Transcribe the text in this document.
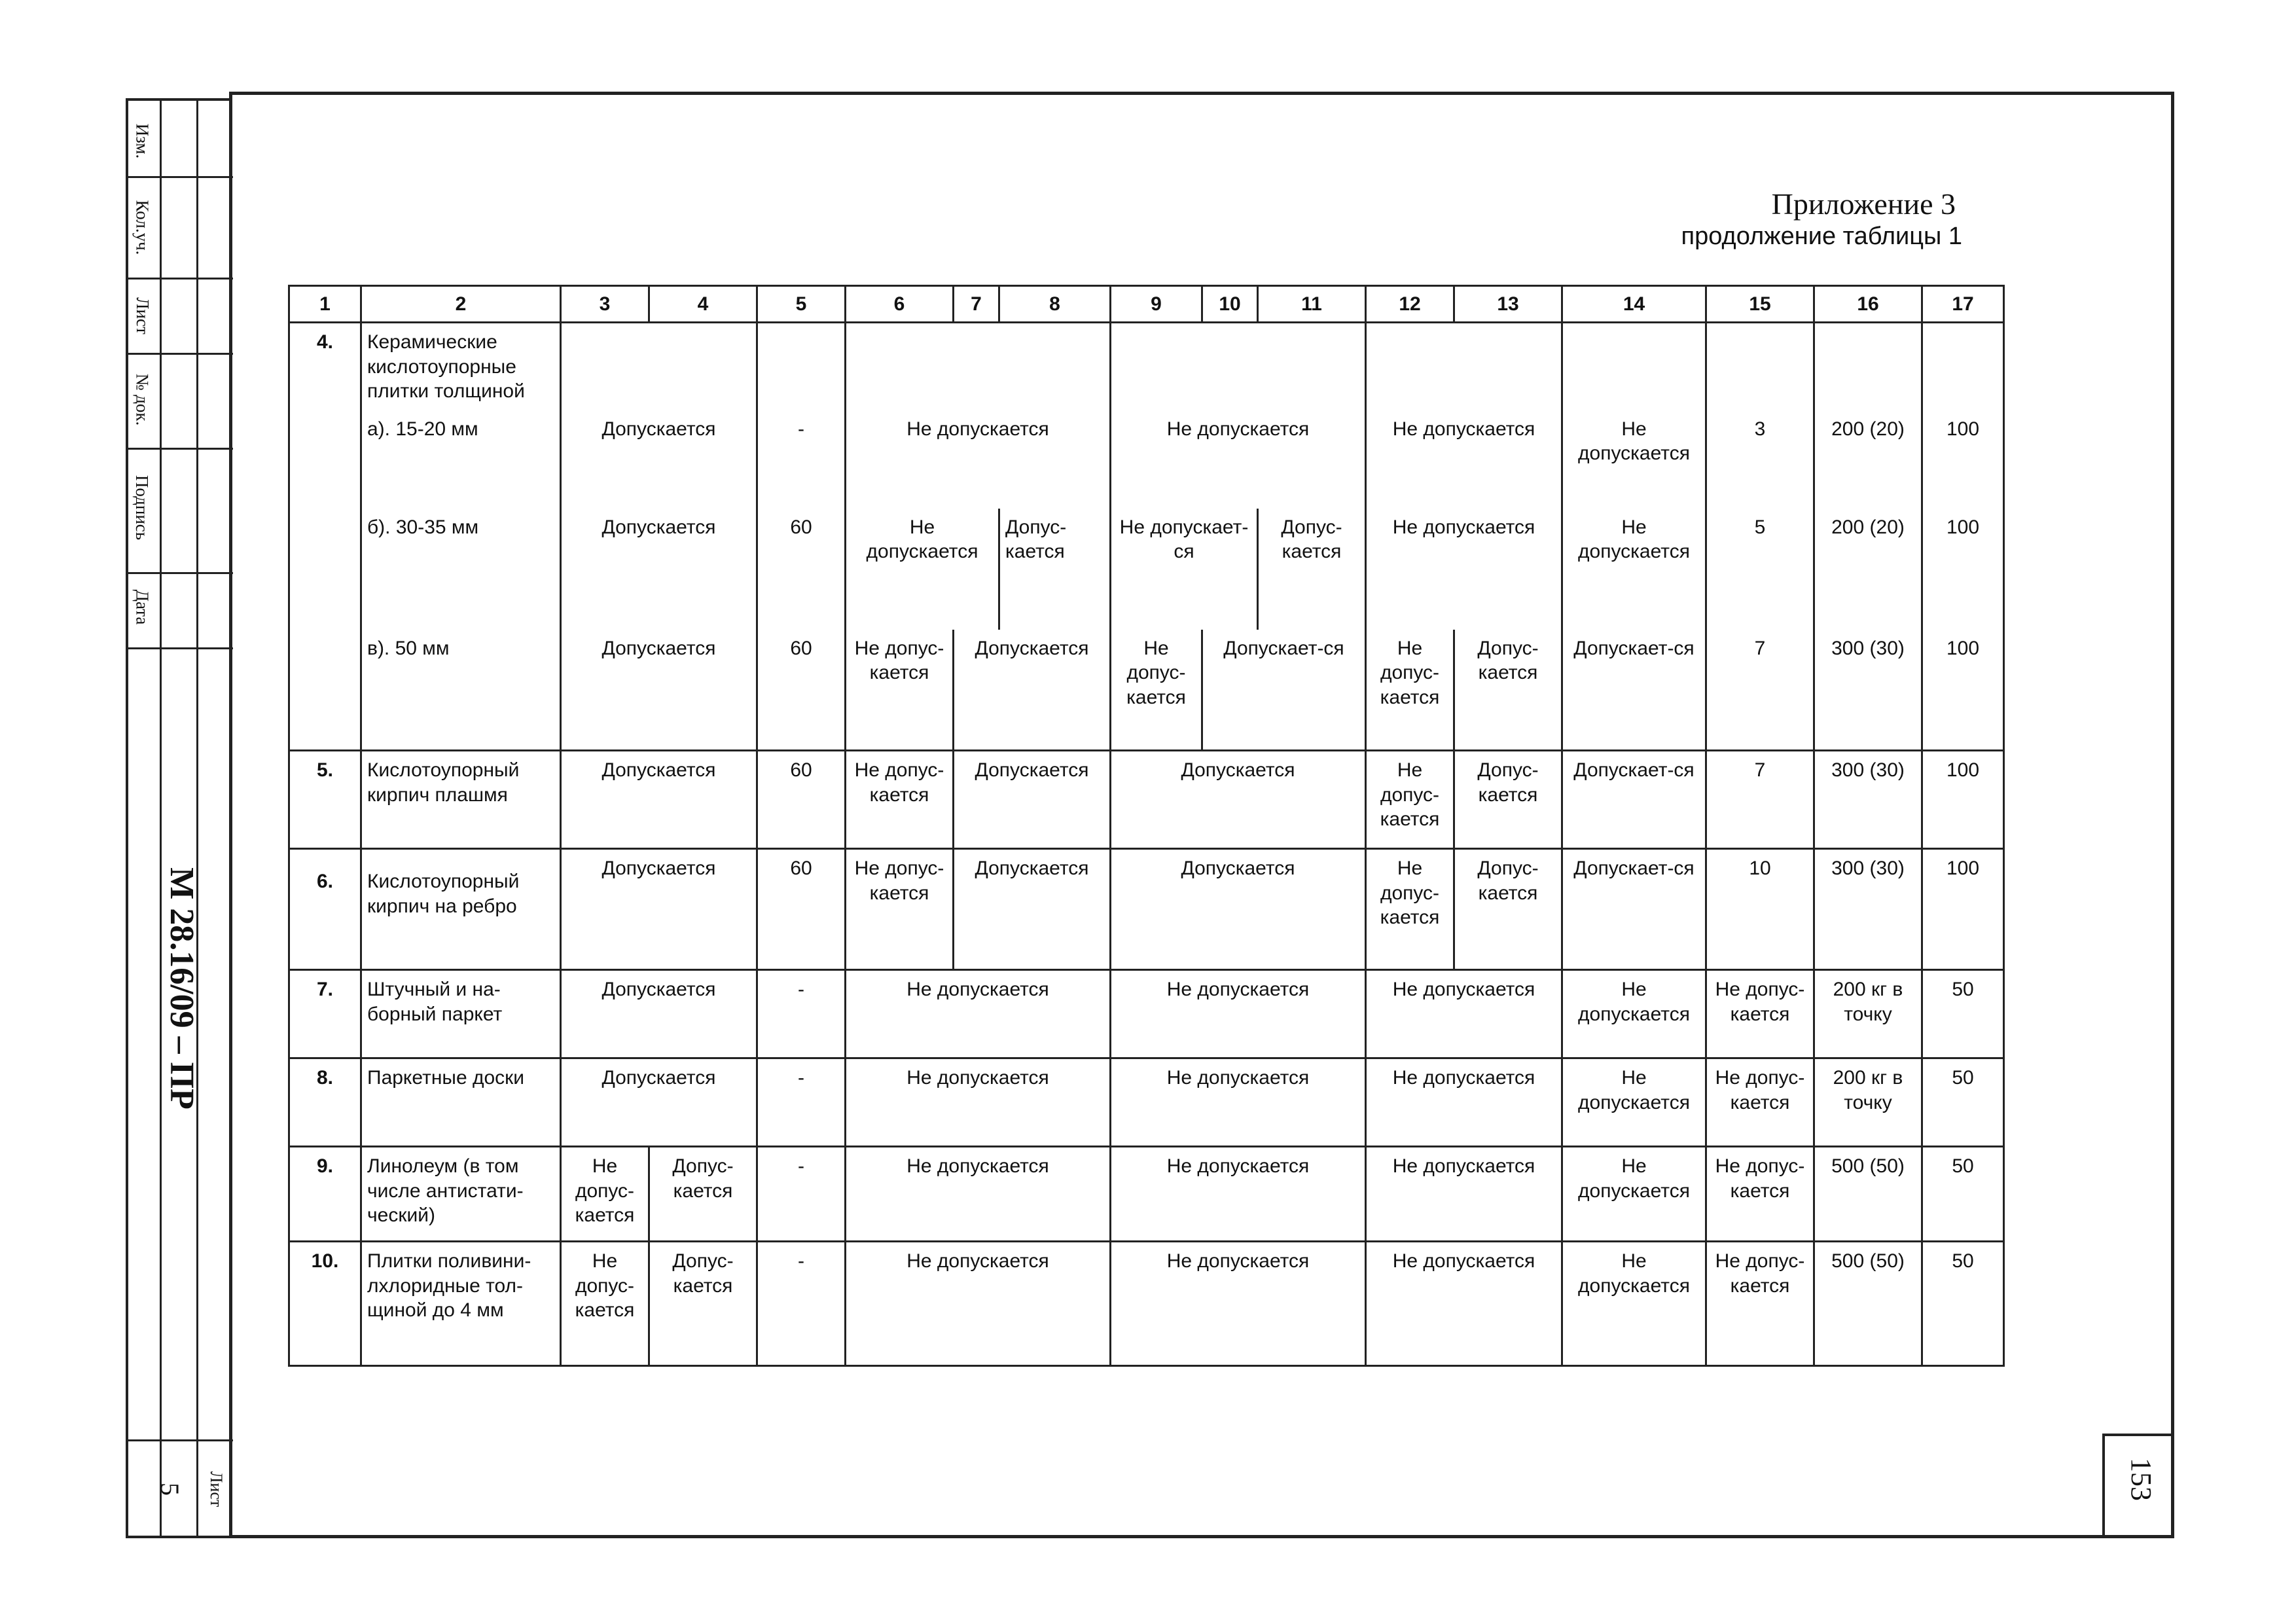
Изм.
Кол.уч.
Лист
№ док.
Подпись
Дата
М 28.16/09 – ПР
Лист
5	153
Приложение 3
продолжение таблицы 1
1	2	3	4	5	6	7	8	9	10	11	12	13	14	15	16	17
4.	Керамические кислотоупорные плитки толщиной															
	а). 15-20 мм	Допускается		-	Не допускается			Не допускается			Не допускается		Не допускается	3	200 (20)	100
	б). 30-35 мм	Допускается		60	Не допускается		Допус-кается	Не допускает-ся		Допус-кается	Не допускается		Не допускается	5	200 (20)	100
	в). 50 мм	Допускается		60	Не допус-кается	Допускается		Не допус-кается	Допускает-ся		Не допус-кается	Допус-кается	Допускает-ся	7	300 (30)	100
5.	Кислотоупорный кирпич плашмя	Допускается		60	Не допус-кается	Допускается		Допускается			Не допус-кается	Допус-кается	Допускает-ся	7	300 (30)	100
6.	Кислотоупорный кирпич на ребро	Допускается		60	Не допус-кается	Допускается		Допускается			Не допус-кается	Допус-кается	Допускает-ся	10	300 (30)	100
7.	Штучный и на-борный паркет	Допускается		-	Не допускается			Не допускается			Не допускается		Не допускается	Не допус-кается	200 кг в точку	50
8.	Паркетные доски	Допускается		-	Не допускается			Не допускается			Не допускается		Не допускается	Не допус-кается	200 кг в точку	50
9.	Линолеум (в том числе антистати-ческий)	Не допус-кается	Допус-кается	-	Не допускается			Не допускается			Не допускается		Не допускается	Не допус-кается	500 (50)	50
10.	Плитки поливини-лхлоридные тол-щиной до 4 мм	Не допус-кается	Допус-кается	-	Не допускается			Не допускается			Не допускается		Не допускается	Не допус-кается	500 (50)	50
